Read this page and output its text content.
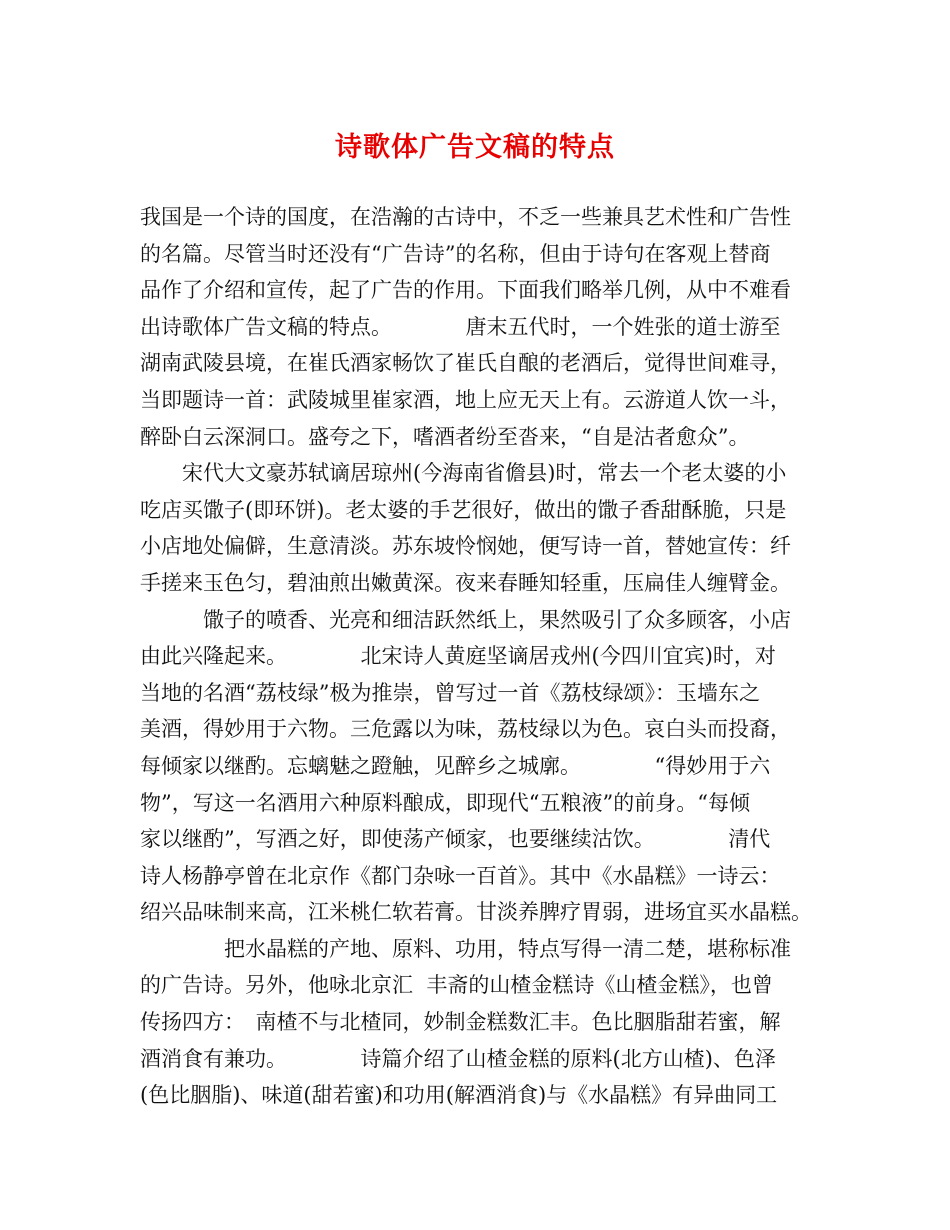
诗歌体广告文稿的特点
我国是一个诗的国度，在浩瀚的古诗中，不乏一些兼具艺术性和广告性
的名篇。尽管当时还没有“广告诗”的名称，但由于诗句在客观上替商
品作了介绍和宣传，起了广告的作用。下面我们略举几例，从中不难看
出诗歌体广告文稿的特点。　　　　唐末五代时，一个姓张的道士游至
湖南武陵县境，在崔氏酒家畅饮了崔氏自酿的老酒后，觉得世间难寻，
当即题诗一首：武陵城里崔家酒，地上应无天上有。云游道人饮一斗，
醉卧白云深洞口。盛夸之下，嗜酒者纷至沓来，“自是沽者愈众”。
　　宋代大文豪苏轼谪居琼州(今海南省儋县)时，常去一个老太婆的小
吃店买馓子(即环饼)。老太婆的手艺很好，做出的馓子香甜酥脆，只是
小店地处偏僻，生意清淡。苏东坡怜悯她，便写诗一首，替她宣传：纤
手搓来玉色匀，碧油煎出嫩黄深。夜来春睡知轻重，压扁佳人缠臂金。
　　　馓子的喷香、光亮和细洁跃然纸上，果然吸引了众多顾客，小店
由此兴隆起来。　　　　北宋诗人黄庭坚谪居戎州(今四川宜宾)时，对
当地的名酒“荔枝绿”极为推崇，曾写过一首《荔枝绿颂》：玉墙东之
美酒，得妙用于六物。三危露以为味，荔枝绿以为色。哀白头而投裔，
每倾家以继酌。忘螭魅之蹬触，见醉乡之城廓。　　　　“得妙用于六
物”，写这一名酒用六种原料酿成，即现代“五粮液”的前身。“每倾
家以继酌”，写酒之好，即使荡产倾家，也要继续沽饮。　　　　清代
诗人杨静亭曾在北京作《都门杂咏一百首》。其中《水晶糕》一诗云：
绍兴品味制来高，江米桃仁软若膏。甘淡养脾疗胃弱，进场宜买水晶糕。
　　　　把水晶糕的产地、原料、功用，特点写得一清二楚，堪称标准
的广告诗。另外，他咏北京汇  丰斋的山楂金糕诗《山楂金糕》，也曾
传扬四方：　南楂不与北楂同，妙制金糕数汇丰。色比胭脂甜若蜜，解
酒消食有兼功。　　　　诗篇介绍了山楂金糕的原料(北方山楂)、色泽
(色比胭脂)、味道(甜若蜜)和功用(解酒消食)与《水晶糕》有异曲同工
